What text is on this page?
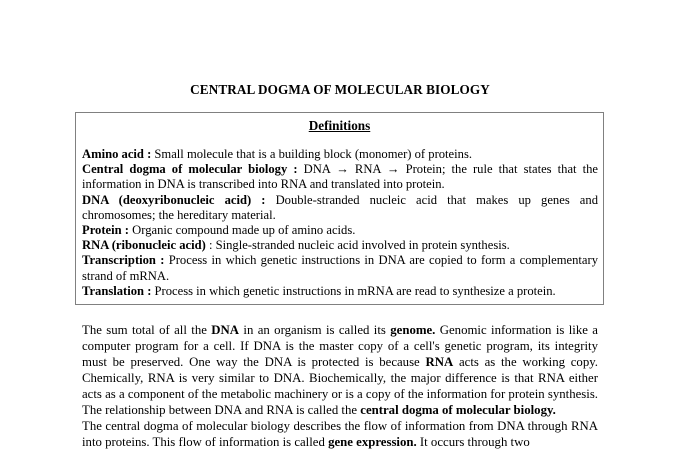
CENTRAL DOGMA OF MOLECULAR BIOLOGY
Definitions

Amino acid : Small molecule that is a building block (monomer) of proteins.

Central dogma of molecular biology : DNA → RNA → Protein; the rule that states that the information in DNA is transcribed into RNA and translated into protein.

DNA (deoxyribonucleic acid) : Double-stranded nucleic acid that makes up genes and chromosomes; the hereditary material.

Protein : Organic compound made up of amino acids.

RNA (ribonucleic acid) : Single-stranded nucleic acid involved in protein synthesis.

Transcription : Process in which genetic instructions in DNA are copied to form a complementary strand of mRNA.

Translation : Process in which genetic instructions in mRNA are read to synthesize a protein.

The sum total of all the DNA in an organism is called its genome. Genomic information is like a computer program for a cell. If DNA is the master copy of a cell's genetic program, its integrity must be preserved. One way the DNA is protected is because RNA acts as the working copy. Chemically, RNA is very similar to DNA. Biochemically, the major difference is that RNA either acts as a component of the metabolic machinery or is a copy of the information for protein synthesis. The relationship between DNA and RNA is called the central dogma of molecular biology.

The central dogma of molecular biology describes the flow of information from DNA through RNA into proteins. This flow of information is called gene expression. It occurs through two
